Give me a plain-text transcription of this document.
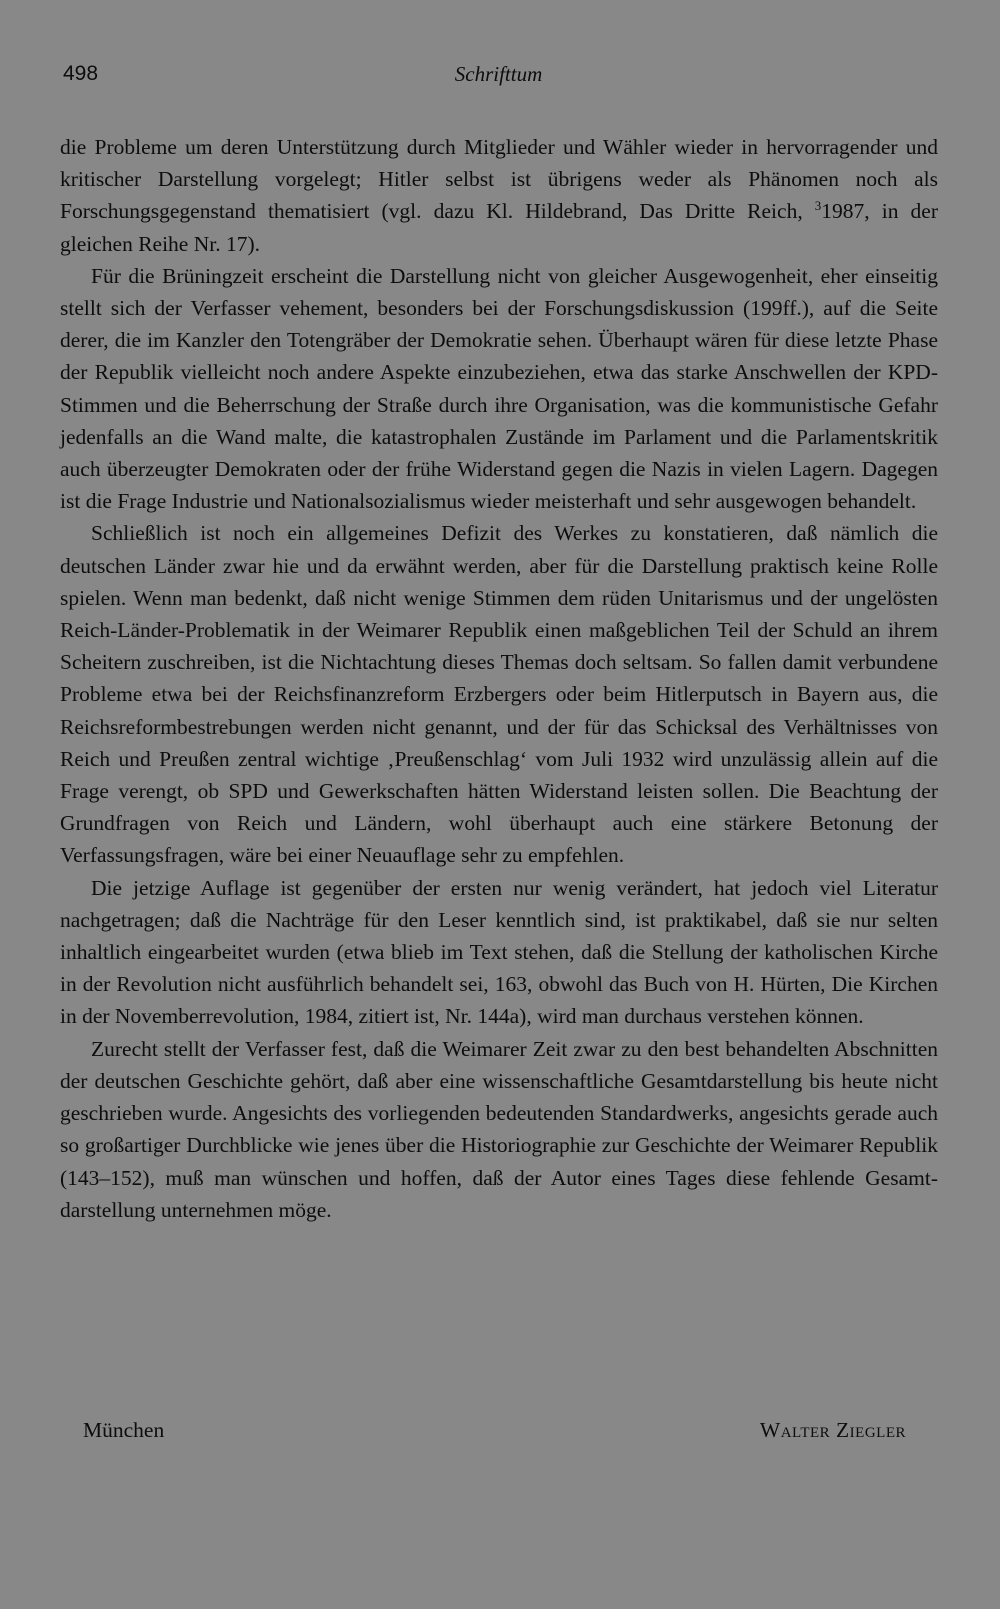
498	Schrifttum

die Probleme um deren Unterstützung durch Mitglieder und Wähler wieder in hervorragender und kritischer Darstellung vorgelegt; Hitler selbst ist übrigens weder als Phänomen noch als Forschungsgegenstand thematisiert (vgl. dazu Kl. Hildebrand, Das Dritte Reich, $^3$1987, in der gleichen Reihe Nr. 17).

Für die Brüningzeit erscheint die Darstellung nicht von gleicher Ausgewogenheit, eher einseitig stellt sich der Verfasser vehement, besonders bei der Forschungsdiskussion (199ff.), auf die Seite derer, die im Kanzler den Totengräber der Demokratie sehen. Überhaupt wären für diese letzte Phase der Republik vielleicht noch andere Aspekte einzubeziehen, etwa das starke Anschwellen der KPD-Stimmen und die Beherrschung der Straße durch ihre Organisation, was die kommunistische Gefahr jedenfalls an die Wand malte, die katastrophalen Zustände im Parlament und die Parlamentskritik auch überzeugter Demokraten oder der frühe Widerstand gegen die Nazis in vielen Lagern. Dagegen ist die Frage Industrie und Nationalsozialismus wieder meisterhaft und sehr ausgewogen behandelt.

Schließlich ist noch ein allgemeines Defizit des Werkes zu konstatieren, daß nämlich die deutschen Länder zwar hie und da erwähnt werden, aber für die Darstellung praktisch keine Rolle spielen. Wenn man bedenkt, daß nicht wenige Stimmen dem rüden Unitarismus und der ungelösten Reich-Länder-Problematik in der Weimarer Republik einen maßgeblichen Teil der Schuld an ihrem Scheitern zuschreiben, ist die Nichtachtung dieses Themas doch seltsam. So fallen damit verbundene Probleme etwa bei der Reichsfinanzreform Erzbergers oder beim Hitlerputsch in Bayern aus, die Reichsreformbestrebungen werden nicht genannt, und der für das Schicksal des Verhältnisses von Reich und Preußen zentral wichtige ‚Preußenschlag‘ vom Juli 1932 wird unzulässig allein auf die Frage verengt, ob SPD und Gewerkschaften hätten Widerstand leisten sollen. Die Beachtung der Grundfragen von Reich und Ländern, wohl überhaupt auch eine stärkere Betonung der Verfassungsfragen, wäre bei einer Neuauflage sehr zu empfehlen.

Die jetzige Auflage ist gegenüber der ersten nur wenig verändert, hat jedoch viel Literatur nachgetragen; daß die Nachträge für den Leser kenntlich sind, ist praktikabel, daß sie nur selten inhaltlich eingearbeitet wurden (etwa blieb im Text stehen, daß die Stellung der katholischen Kirche in der Revolution nicht ausführlich behandelt sei, 163, obwohl das Buch von H. Hürten, Die Kirchen in der Novemberrevolution, 1984, zitiert ist, Nr. 144a), wird man durchaus verstehen können.

Zurecht stellt der Verfasser fest, daß die Weimarer Zeit zwar zu den best behandelten Abschnitten der deutschen Geschichte gehört, daß aber eine wissenschaftliche Gesamtdarstellung bis heute nicht geschrieben wurde. Angesichts des vorliegenden bedeutenden Standardwerks, angesichts gerade auch so großartiger Durchblicke wie jenes über die Historiographie zur Geschichte der Weimarer Republik (143–152), muß man wünschen und hoffen, daß der Autor eines Tages diese fehlende Gesamtdarstellung unternehmen möge.

München	Walter Ziegler
